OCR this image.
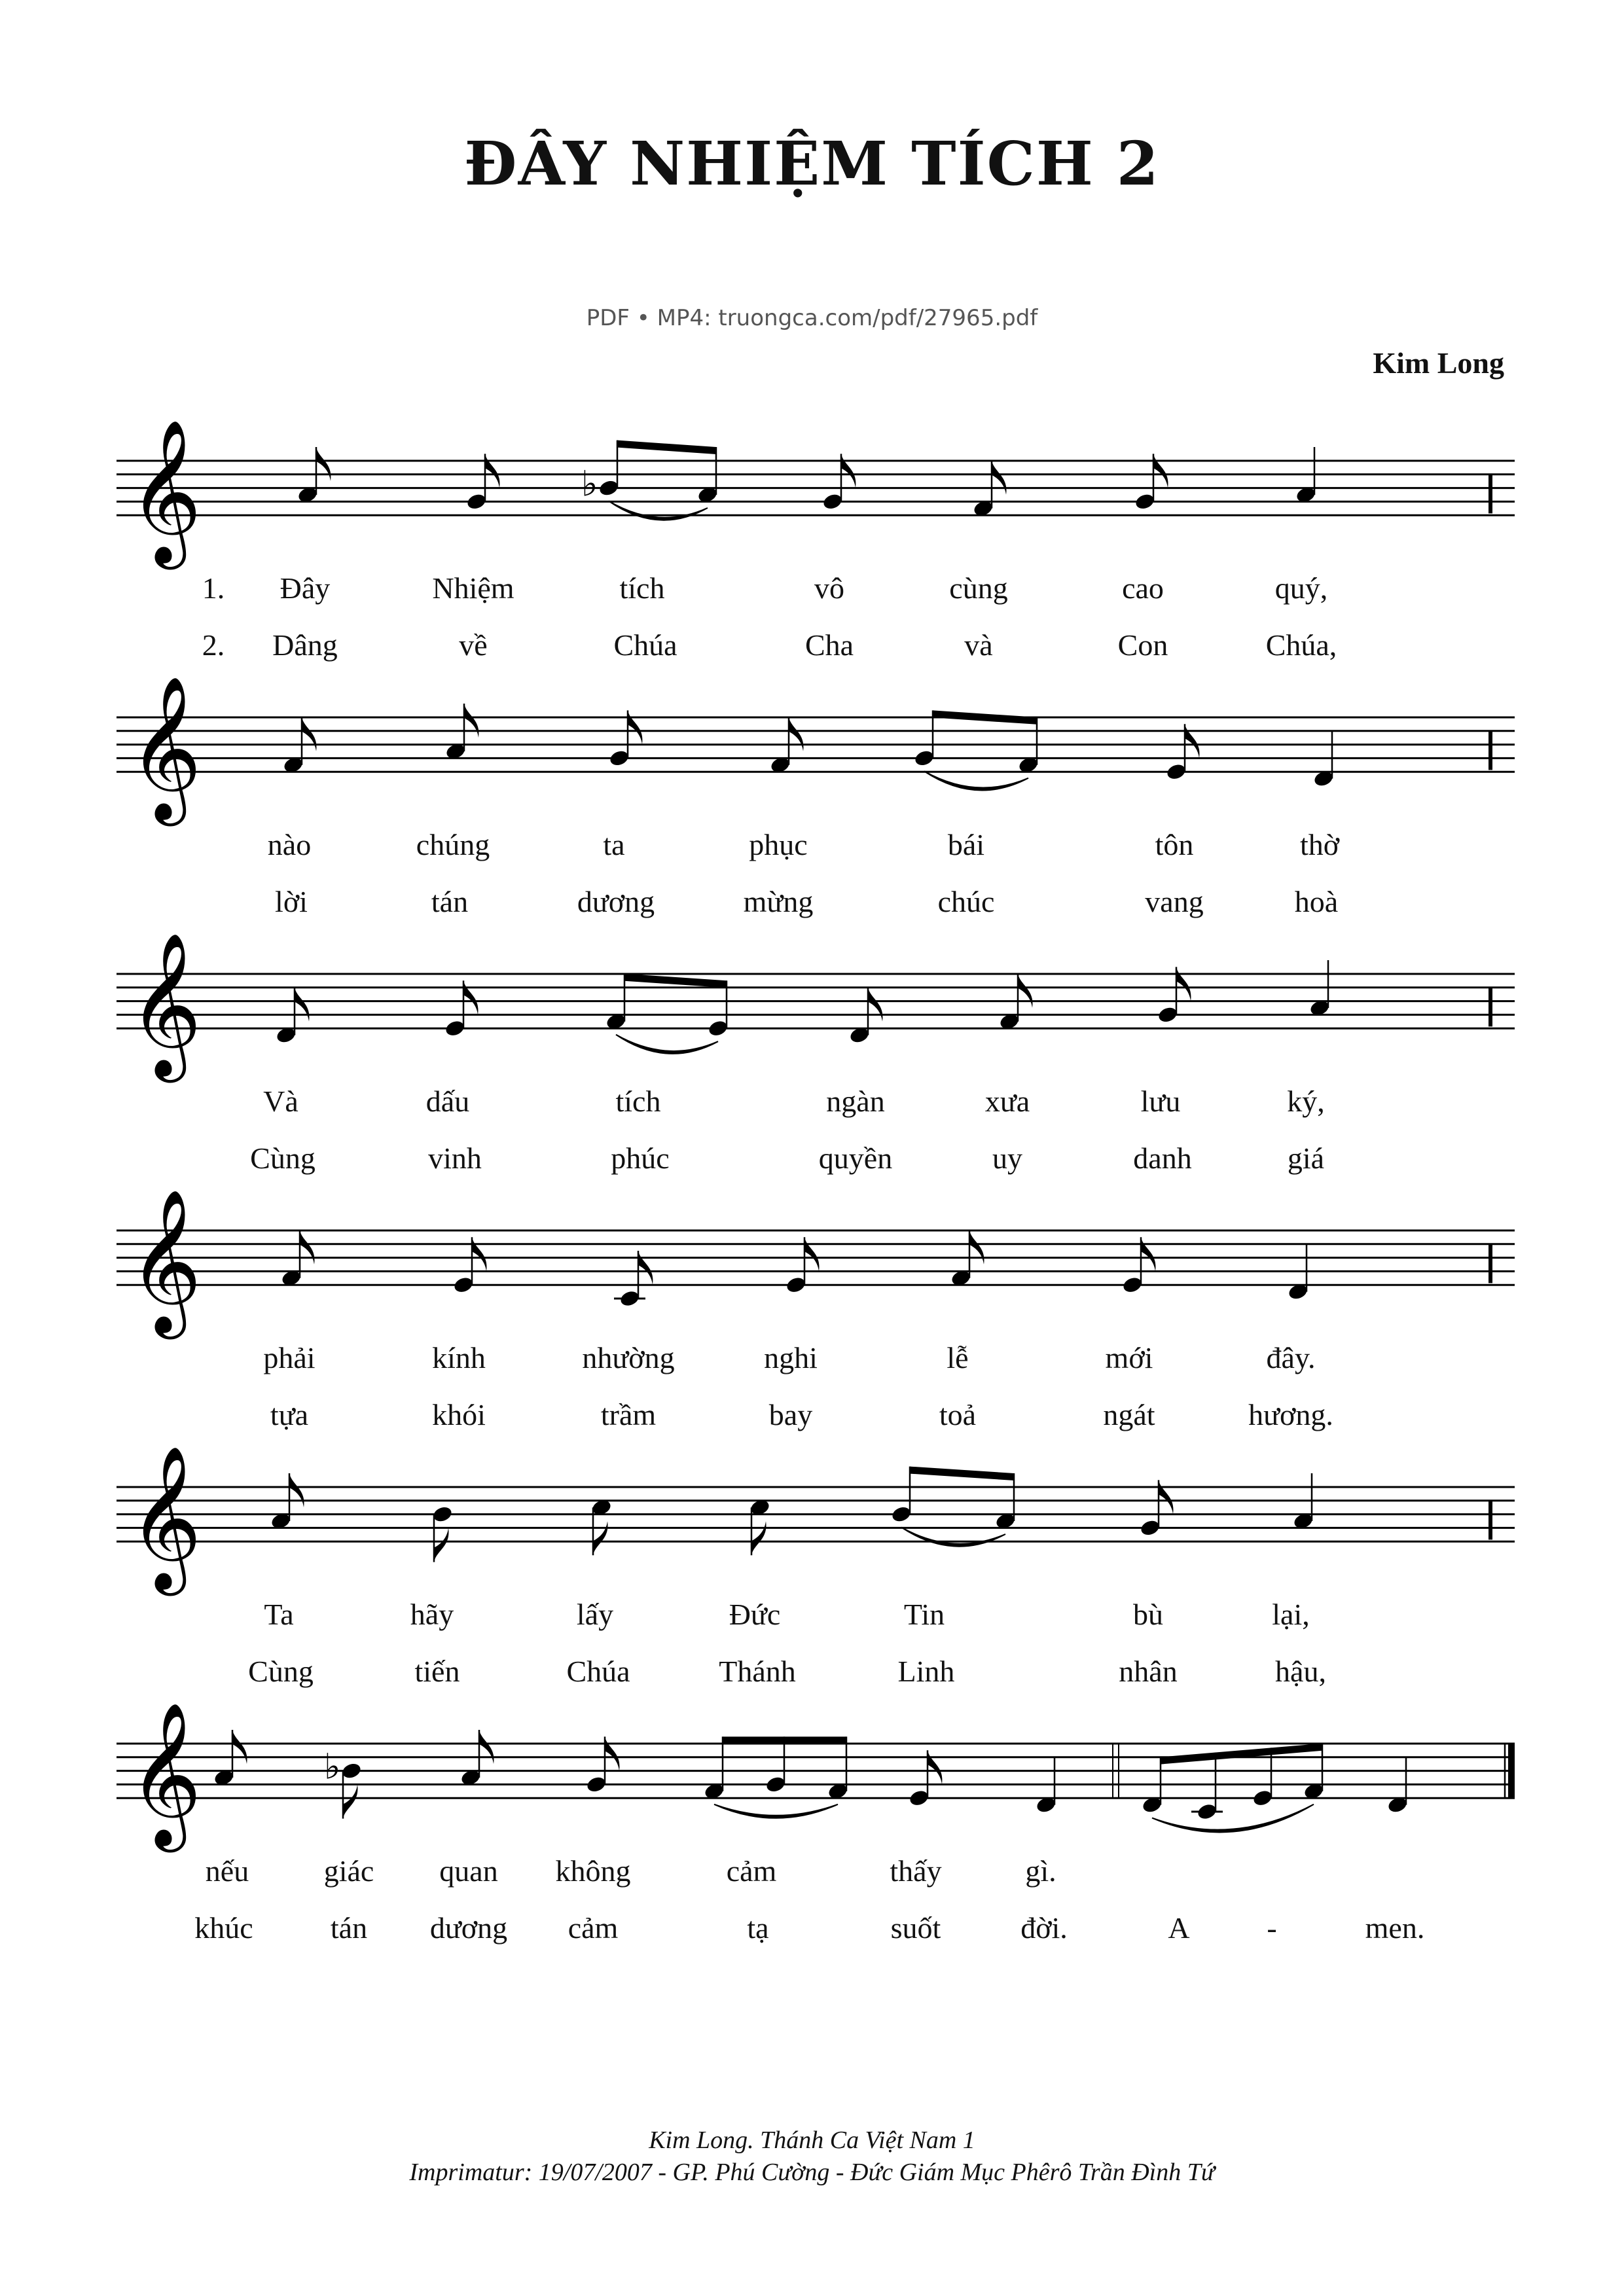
ĐÂY NHIỆM TÍCH 2
PDF • MP4: truongca.com/pdf/27965.pdf
Kim Long
𝄞	♭
1. Đây	Nhiệm	tích	vô	cùng	cao	quý,
2. Dâng	về	Chúa	Cha	và	Con	Chúa,
𝄞
nào	chúng	ta	phục	bái	tôn	thờ
lời	tán	dương	mừng	chúc	vang	hoà
𝄞
Và	dấu	tích	ngàn	xưa	lưu	ký,
Cùng	vinh	phúc	quyền	uy	danh	giá
𝄞
phải	kính	nhường	nghi	lễ	mới	đây.
tựa	khói	trầm	bay	toả	ngát	hương.
𝄞
Ta	hãy	lấy	Đức	Tin	bù	lại,
Cùng	tiến	Chúa	Thánh	Linh	nhân	hậu,
𝄞	♭
nếu giác quan không	cảm	thấy	gì.
khúc	tán dương cảm	tạ	suốt	đời.	A	-	men.
Kim Long. Thánh Ca Việt Nam 1
Imprimatur: 19/07/2007 - GP. Phú Cường - Đức Giám Mục Phêrô Trần Đình Tứ
